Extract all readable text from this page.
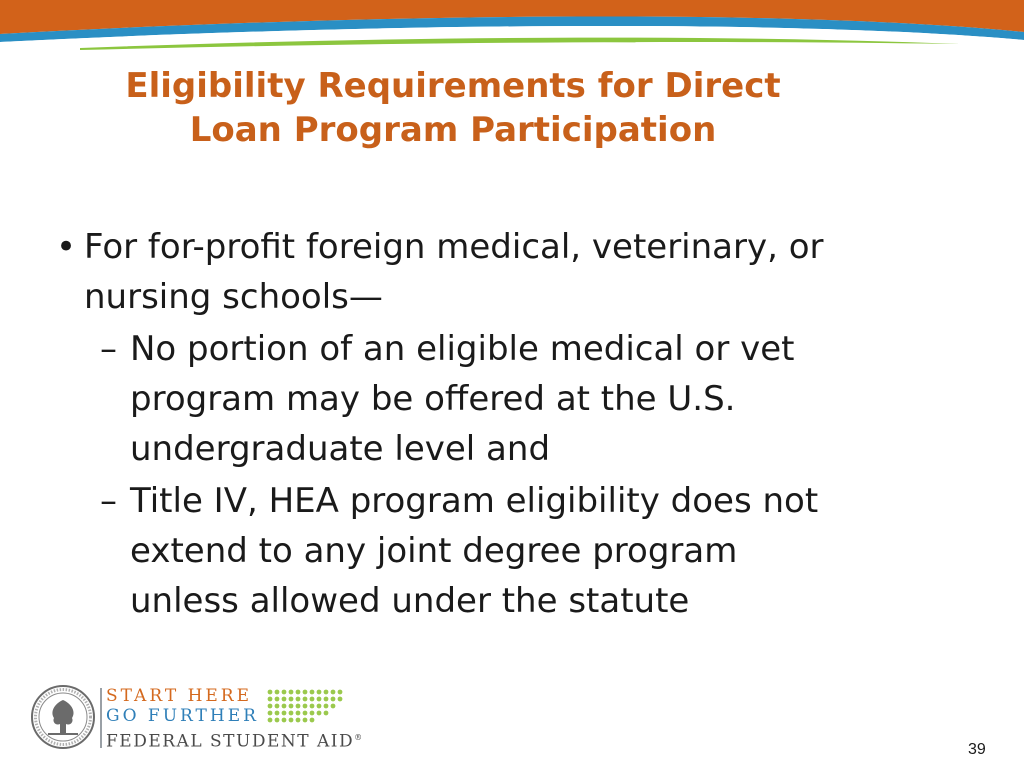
Eligibility Requirements for Direct
Loan Program Participation
• For for-profit foreign medical, veterinary, or
nursing schools—
– No portion of an eligible medical or vet
program may be offered at the U.S.
undergraduate level and
– Title IV, HEA program eligibility does not
extend to any joint degree program
unless allowed under the statute
START HERE
GO FURTHER
FEDERAL STUDENT AID®
39
